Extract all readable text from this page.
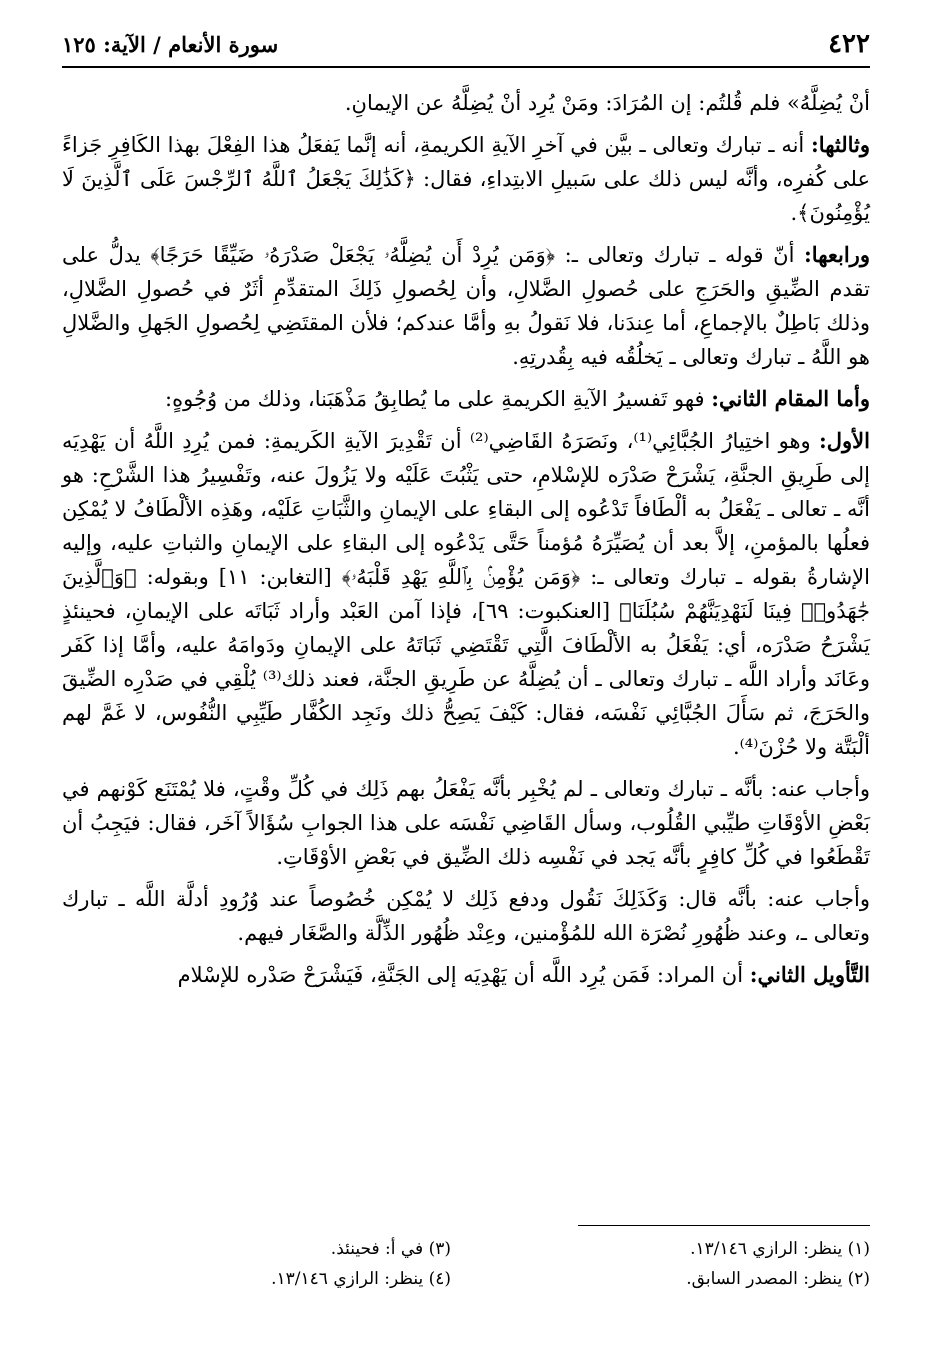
٤٢٢
سورة الأنعام / الآية: ١٢٥

أنْ يُضِلَّهُ» فلم قُلتُم: إن المُرَادَ: ومَنْ يُرِد أنْ يُضِلَّهُ عن الإيمانِ.

وثالثها: أنه ـ تبارك وتعالى ـ بيَّن في آخرِ الآيةِ الكريمةِ، أنه إنَّما يَفعَلُ هذا الفِعْلَ بهذا الكَافِرِ جَزاءً على كُفرِه، وأنَّه ليس ذلك على سَبيلِ الابتِداءِ، فقال: ﴿كَذَٰلِكَ يَجْعَلُ ٱللَّهُ ٱلرِّجْسَ عَلَى ٱلَّذِينَ لَا يُؤْمِنُونَ﴾.

ورابعها: أنّ قوله ـ تبارك وتعالى ـ: ﴿وَمَن يُرِدْ أَن يُضِلَّهُۥ يَجْعَلْ صَدْرَهُۥ ضَيِّقًا حَرَجًا﴾ يدلُّ على تقدم الضِّيقِ والحَرَجِ على حُصولِ الضَّلالِ، وأن لِحُصولِ ذَلِكَ المتقدِّمِ أثَرٌ في حُصولِ الضَّلالِ، وذلك بَاطِلٌ بالإجماعِ، أما عِندَنا، فلا نَقولُ بهِ وأمَّا عندكم؛ فلأن المقتَضِي لِحُصولِ الجَهلِ والضَّلالِ هو اللَّهُ ـ تبارك وتعالى ـ يَخلُقُه فيه بِقُدرتِهِ.

وأما المقام الثاني: فهو تَفسيرُ الآيةِ الكريمةِ على ما يُطابِقُ مَذْهَبَنا، وذلك من وُجُوهٍ:

الأول: وهو اختِيارُ الجُبَّائِي⁽¹⁾، ونَصَرَهُ القَاضِي⁽²⁾ أن تَقْدِيرَ الآيةِ الكَريمةِ: فمن يُرِدِ اللَّهُ أن يَهْدِيَه إلى طَرِيقِ الجنَّةِ، يَشْرَحْ صَدْرَه للإسْلامِ، حتى يَثْبُتَ عَلَيْه ولا يَزُولَ عنه، وتَفْسِيرُ هذا الشَّرْحِ: هو أنَّه ـ تعالى ـ يَفْعَلُ به ألْطَافاً تَدْعُوه إلى البقاءِ على الإيمانِ والثَّبَاتِ عَلَيْه، وهَذِه الألْطَافُ لا يُمْكِن فعلُها بالمؤمنِ، إلاَّ بعد أن يُصَيِّرَهُ مُؤمناً حَتَّى يَدْعُوه إلى البقاءِ على الإيمانِ والثباتِ عليه، وإليه الإشارةُ بقوله ـ تبارك وتعالى ـ: ﴿وَمَن يُؤْمِنۢ بِٱللَّهِ يَهْدِ قَلْبَهُۥ﴾ [التغابن: ١١] وبقوله: ﴿وَٱلَّذِينَ جَٰهَدُوا۟ فِينَا لَنَهْدِيَنَّهُمْ سُبُلَنَا﴾ [العنكبوت: ٦٩]، فإذا آمن العَبْد وأراد ثَبَاتَه على الإيمانِ، فحينئذٍ يَشْرَحُ صَدْرَه، أي: يَفْعَلُ به الألْطَافَ الَّتِي تَقْتَضِي ثَبَاتَهُ على الإيمانِ ودَوامَهُ عليه، وأمَّا إذا كَفَر وعَانَد وأراد اللَّه ـ تبارك وتعالى ـ أن يُضِلَّهُ عن طَرِيقِ الجنَّة، فعند ذلك⁽³⁾ يُلْقِي في صَدْرِه الضِّيقَ والحَرَجَ، ثم سَأَلَ الجُبَّائِي نَفْسَه، فقال: كَيْفَ يَصِحُّ ذلك ونَجِد الكُفَّار طَيِّبِي النُّفُوس، لا غَمَّ لهم ألْبَتَّة ولا حُزْنَ⁽⁴⁾.

وأجاب عنه: بأنَّه ـ تبارك وتعالى ـ لم يُخْبِر بأنَّه يَفْعَلُ بهم ذَلِك في كُلِّ وقْتٍ، فلا يُمْتَنَع كَوْنهم في بَعْضِ الأوْقَاتِ طيِّبي القُلُوب، وسأل القَاضِي نَفْسَه على هذا الجوابِ سُؤَالاً آخَر، فقال: فيَجِبُ أن تَقْطَعُوا في كُلِّ كافِرٍ بأنَّه يَجد في نَفْسِه ذلك الضِّيق في بَعْضِ الأوْقَاتِ.

وأجاب عنه: بأنَّه قال: وَكَذَلِكَ نَقُول ودفع ذَلِك لا يُمْكِن خُصُوصاً عند وُرُودِ أدلَّة اللَّه ـ تبارك وتعالى ـ، وعند ظُهُورِ نُصْرَة الله للمُؤْمنين، وعِنْد ظُهُور الذِّلَّة والصَّغَار فيهم.

التَّأويل الثاني: أن المراد: فَمَن يُرِد اللَّه أن يَهْدِيَه إلى الجَنَّةِ، فَيَشْرَحْ صَدْره للإسْلام

(١) ينظر: الرازي ١٣/١٤٦.
(٣) في أ: فحينئذ.
(٢) ينظر: المصدر السابق.
(٤) ينظر: الرازي ١٣/١٤٦.
